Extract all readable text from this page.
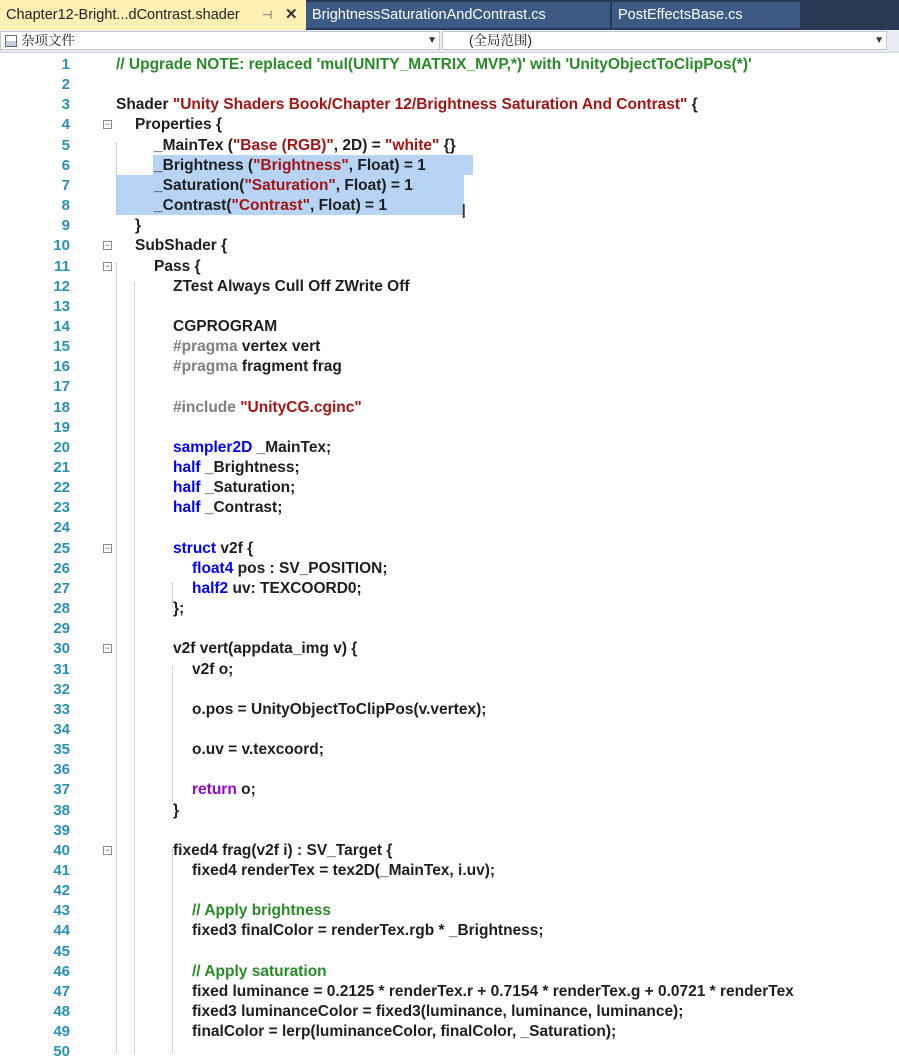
Chapter12-Bright...dContrast.shader ⊣ ✕ BrightnessSaturationAndContrast.cs	PostEffectsBase.cs
杂项文件	▼	(全局范围)	▼
1	// Upgrade NOTE: replaced 'mul(UNITY_MATRIX_MVP,*)' with 'UnityObjectToClipPos(*)'
2
3	Shader "Unity Shaders Book/Chapter 12/Brightness Saturation And Contrast" {
4	− Properties {
5	_MainTex ("Base (RGB)", 2D) = "white" {}
6	_Brightness ("Brightness", Float) = 1
7	_Saturation("Saturation", Float) = 1
8	_Contrast("Contrast", Float) = 1
9	}
10	− SubShader {
11	−	Pass {
12	ZTest Always Cull Off ZWrite Off
13
14	CGPROGRAM
15	#pragma vertex vert
16	#pragma fragment frag
17
18	#include "UnityCG.cginc"
19
20	sampler2D _MainTex;
21	half _Brightness;
22	half _Saturation;
23	half _Contrast;
24
25	−	struct v2f {
26	float4 pos : SV_POSITION;
27	half2 uv: TEXCOORD0;
28	};
29
30	−	v2f vert(appdata_img v) {
31	v2f o;
32
33	o.pos = UnityObjectToClipPos(v.vertex);
34
35	o.uv = v.texcoord;
36
37	return o;
38	}
39
40	−	fixed4 frag(v2f i) : SV_Target {
41	fixed4 renderTex = tex2D(_MainTex, i.uv);
42
43	// Apply brightness
44	fixed3 finalColor = renderTex.rgb * _Brightness;
45
46	// Apply saturation
47	fixed luminance = 0.2125 * renderTex.r + 0.7154 * renderTex.g + 0.0721 * renderTex
48	fixed3 luminanceColor = fixed3(luminance, luminance, luminance);
49	finalColor = lerp(luminanceColor, finalColor, _Saturation);
50
I
